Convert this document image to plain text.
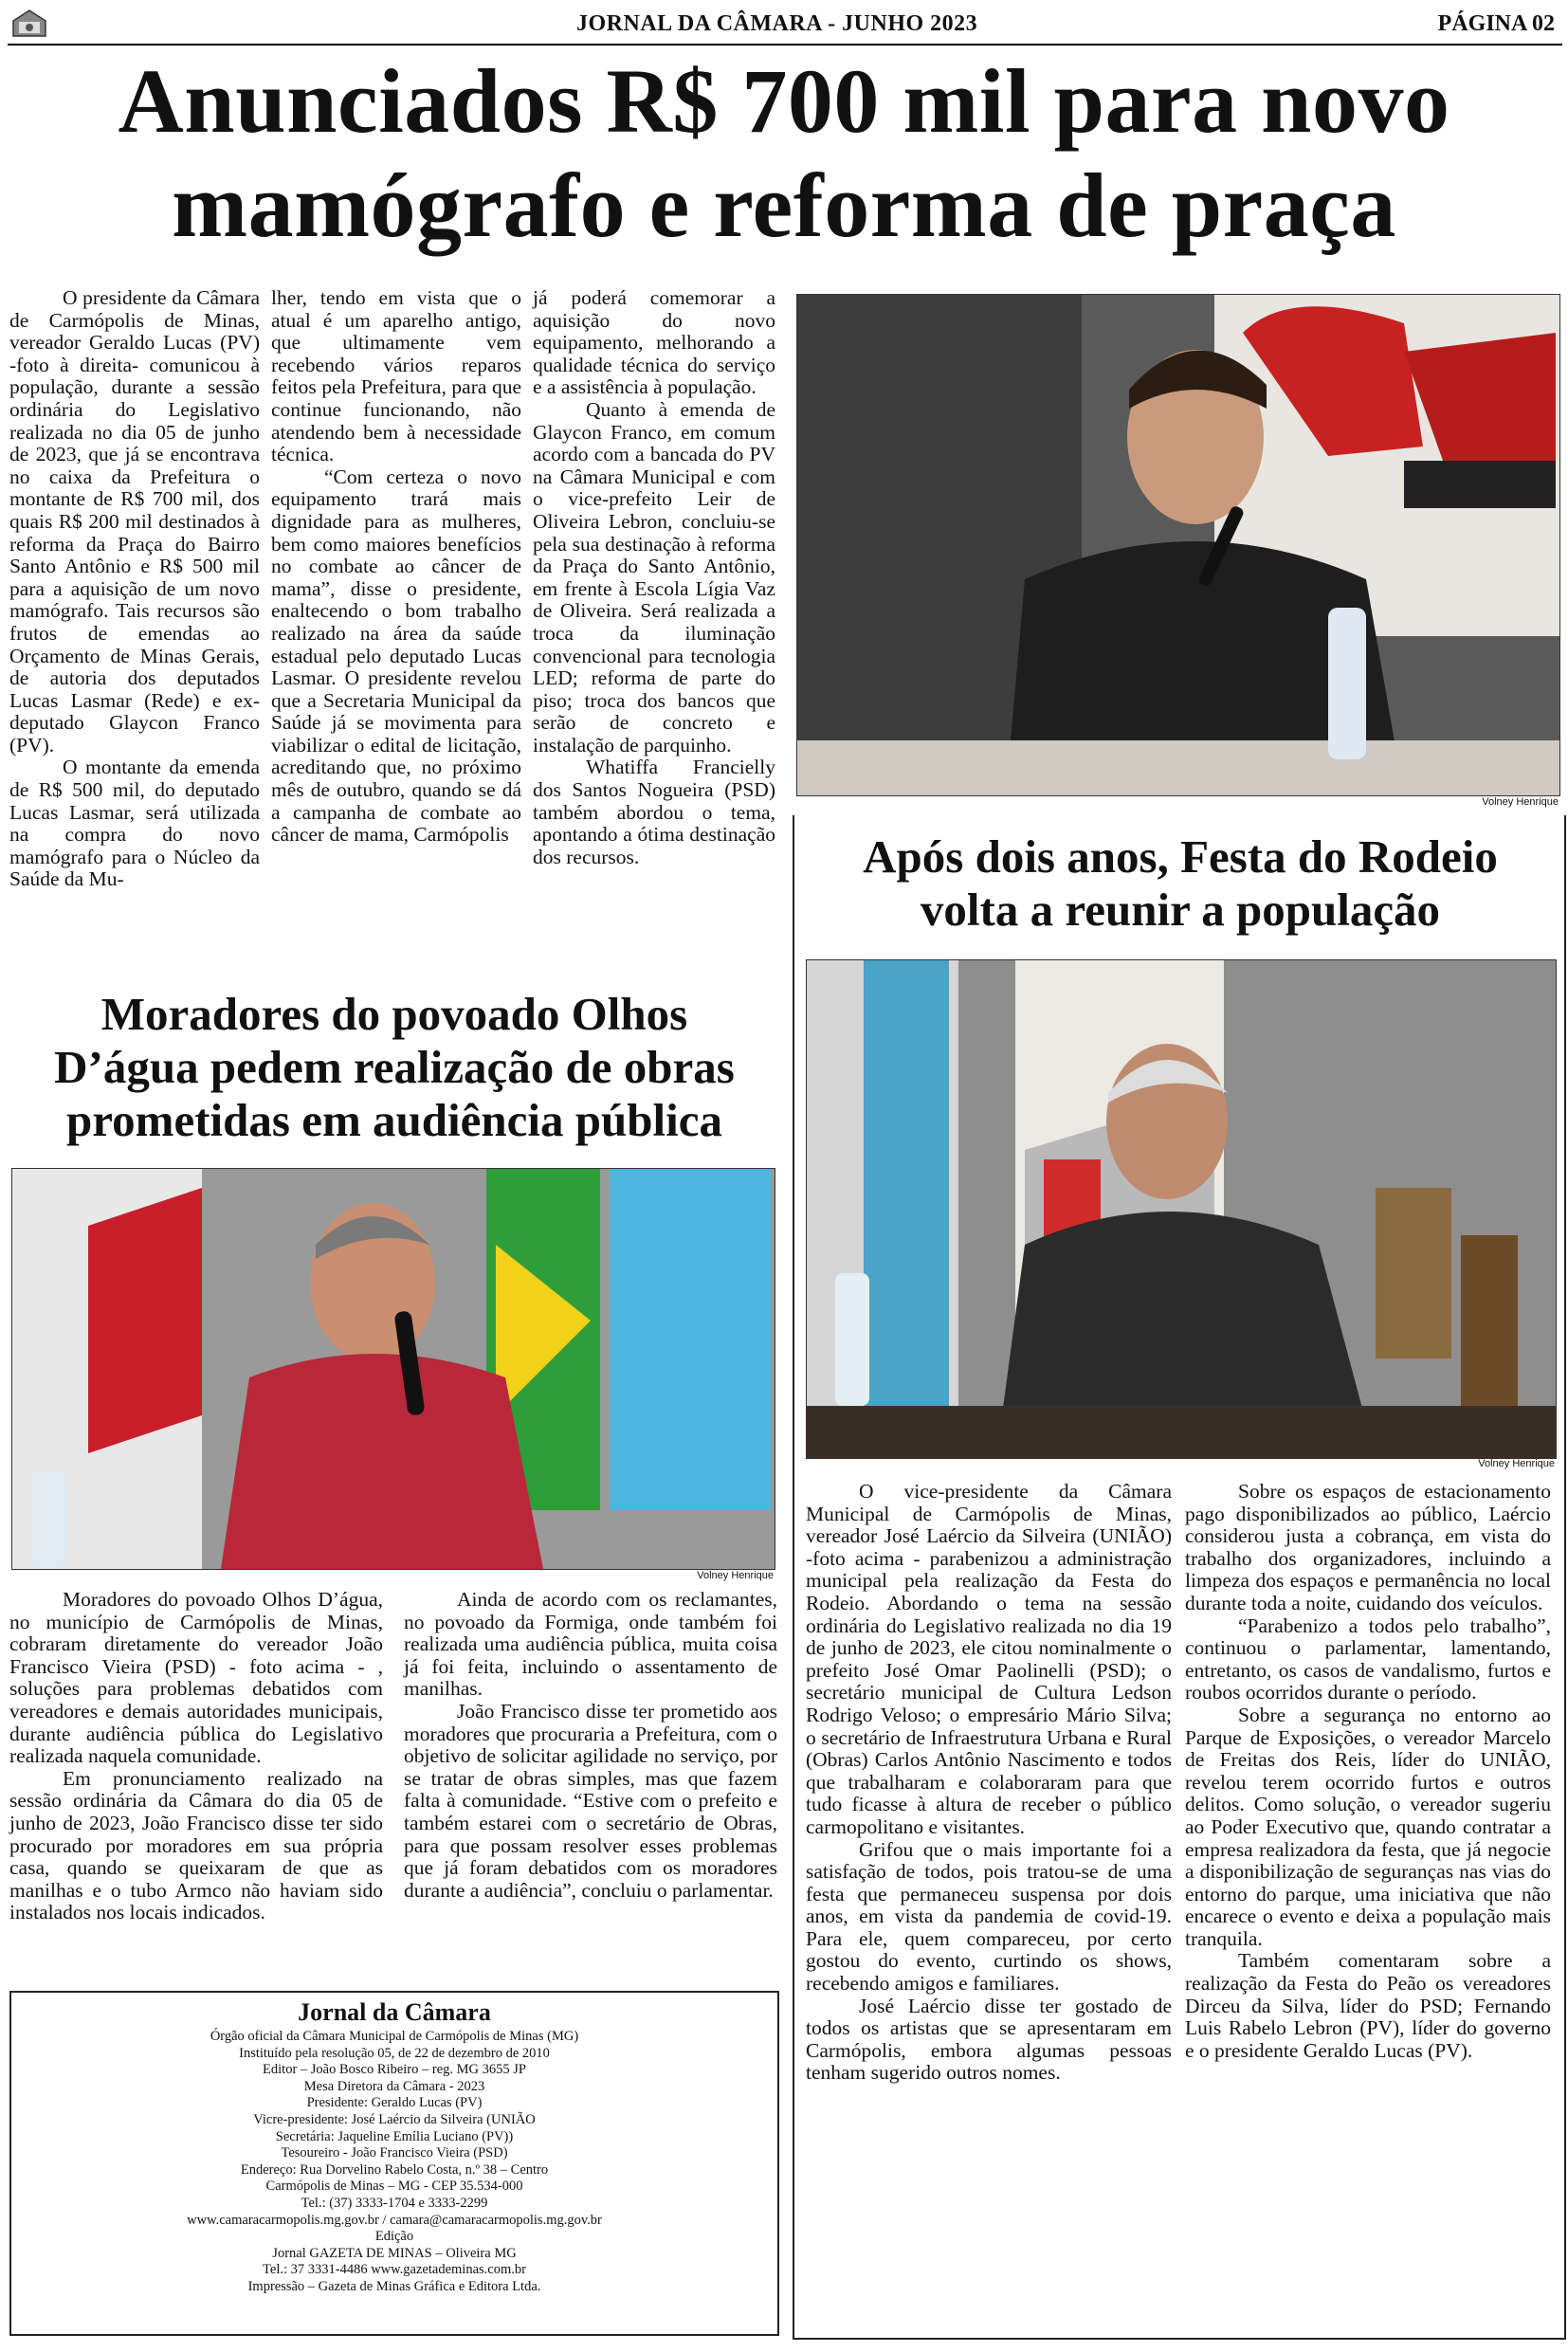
JORNAL DA CÂMARA - JUNHO 2023	PÁGINA 02
Anunciados R$ 700 mil para novo
mamógrafo e reforma de praça

O presidente da Câmara de Carmópolis de Minas, vereador Geraldo Lucas (PV) -foto à direita- comunicou à população, durante a sessão ordinária do Legislativo realizada no dia 05 de junho de 2023, que já se encontrava no caixa da Prefeitura o montante de R$ 700 mil, dos quais R$ 200 mil destinados à reforma da Praça do Bairro Santo Antônio e R$ 500 mil para a aquisição de um novo mamógrafo. Tais recursos são frutos de emendas ao Orçamento de Minas Gerais, de autoria dos deputados Lucas Lasmar (Rede) e ex-deputado Glaycon Franco (PV).

O montante da emenda de R$ 500 mil, do deputado Lucas Lasmar, será utilizada na compra do novo mamógrafo para o Núcleo da Saúde da Mu-

lher, tendo em vista que o atual é um aparelho antigo, que ultimamente vem recebendo vários reparos feitos pela Prefeitura, para que continue funcionando, não atendendo bem à necessidade técnica.

“Com certeza o novo equipamento trará mais dignidade para as mulheres, bem como maiores benefícios no combate ao câncer de mama”, disse o presidente, enaltecendo o bom trabalho realizado na área da saúde estadual pelo deputado Lucas Lasmar. O presidente revelou que a Secretaria Municipal da Saúde já se movimenta para viabilizar o edital de licitação, acreditando que, no próximo mês de outubro, quando se dá a campanha de combate ao câncer de mama, Carmópolis

já poderá comemorar a aquisição do novo equipamento, melhorando a qualidade técnica do serviço e a assistência à população.

Quanto à emenda de Glaycon Franco, em comum acordo com a bancada do PV na Câmara Municipal e com o vice-prefeito Leir de Oliveira Lebron, concluiu-se pela sua destinação à reforma da Praça do Santo Antônio, em frente à Escola Lígia Vaz de Oliveira. Será realizada a troca da iluminação convencional para tecnologia LED; reforma de parte do piso; troca dos bancos que serão de concreto e instalação de parquinho.

Whatiffa Francielly dos Santos Nogueira (PSD) também abordou o tema, apontando a ótima destinação dos recursos.

Volney Henrique
Após dois anos, Festa do Rodeio
volta a reunir a população
Volney Henrique

O vice-presidente da Câmara Municipal de Carmópolis de Minas, vereador José Laércio da Silveira (UNIÃO) -foto acima - parabenizou a administração municipal pela realização da Festa do Rodeio. Abordando o tema na sessão ordinária do Legislativo realizada no dia 19 de junho de 2023, ele citou nominalmente o prefeito José Omar Paolinelli (PSD); o secretário municipal de Cultura Ledson Rodrigo Veloso; o empresário Mário Silva; o secretário de Infraestrutura Urbana e Rural (Obras) Carlos Antônio Nascimento e todos que trabalharam e colaboraram para que tudo ficasse à altura de receber o público carmopolitano e visitantes.

Grifou que o mais importante foi a satisfação de todos, pois tratou-se de uma festa que permaneceu suspensa por dois anos, em vista da pandemia de covid-19. Para ele, quem compareceu, por certo gostou do evento, curtindo os shows, recebendo amigos e familiares.

José Laércio disse ter gostado de todos os artistas que se apresentaram em Carmópolis, embora algumas pessoas tenham sugerido outros nomes.

Sobre os espaços de estacionamento pago disponibilizados ao público, Laércio considerou justa a cobrança, em vista do trabalho dos organizadores, incluindo a limpeza dos espaços e permanência no local durante toda a noite, cuidando dos veículos.

“Parabenizo a todos pelo trabalho”, continuou o parlamentar, lamentando, entretanto, os casos de vandalismo, furtos e roubos ocorridos durante o período.

Sobre a segurança no entorno ao Parque de Exposições, o vereador Marcelo de Freitas dos Reis, líder do UNIÃO, revelou terem ocorrido furtos e outros delitos. Como solução, o vereador sugeriu ao Poder Executivo que, quando contratar a empresa realizadora da festa, que já negocie a disponibilização de seguranças nas vias do entorno do parque, uma iniciativa que não encarece o evento e deixa a população mais tranquila.

Também comentaram sobre a realização da Festa do Peão os vereadores Dirceu da Silva, líder do PSD; Fernando Luis Rabelo Lebron (PV), líder do governo e o presidente Geraldo Lucas (PV).

Moradores do povoado Olhos
D’água pedem realização de obras
prometidas em audiência pública
Volney Henrique

Moradores do povoado Olhos D’água, no município de Carmópolis de Minas, cobraram diretamente do vereador João Francisco Vieira (PSD) - foto acima - , soluções para problemas debatidos com vereadores e demais autoridades municipais, durante audiência pública do Legislativo realizada naquela comunidade.

Em pronunciamento realizado na sessão ordinária da Câmara do dia 05 de junho de 2023, João Francisco disse ter sido procurado por moradores em sua própria casa, quando se queixaram de que as manilhas e o tubo Armco não haviam sido instalados nos locais indicados.

Ainda de acordo com os reclamantes, no povoado da Formiga, onde também foi realizada uma audiência pública, muita coisa já foi feita, incluindo o assentamento de manilhas.

João Francisco disse ter prometido aos moradores que procuraria a Prefeitura, com o objetivo de solicitar agilidade no serviço, por se tratar de obras simples, mas que fazem falta à comunidade. “Estive com o prefeito e também estarei com o secretário de Obras, para que possam resolver esses problemas que já foram debatidos com os moradores durante a audiência”, concluiu o parlamentar.

Jornal da Câmara
Órgão oficial da Câmara Municipal de Carmópolis de Minas (MG)
Instituído pela resolução 05, de 22 de dezembro de 2010
Editor – João Bosco Ribeiro – reg. MG 3655 JP
Mesa Diretora da Câmara - 2023
Presidente: Geraldo Lucas (PV)
Vicre-presidente: José Laércio da Silveira (UNIÃO
Secretária: Jaqueline Emília Luciano (PV))
Tesoureiro - João Francisco Vieira (PSD)
Endereço: Rua Dorvelino Rabelo Costa, n.º 38 – Centro
Carmópolis de Minas – MG - CEP 35.534-000
Tel.: (37) 3333-1704 e 3333-2299
www.camaracarmopolis.mg.gov.br / camara@camaracarmopolis.mg.gov.br
Edição
Jornal GAZETA DE MINAS – Oliveira MG
Tel.: 37 3331-4486 www.gazetademinas.com.br
Impressão – Gazeta de Minas Gráfica e Editora Ltda.
